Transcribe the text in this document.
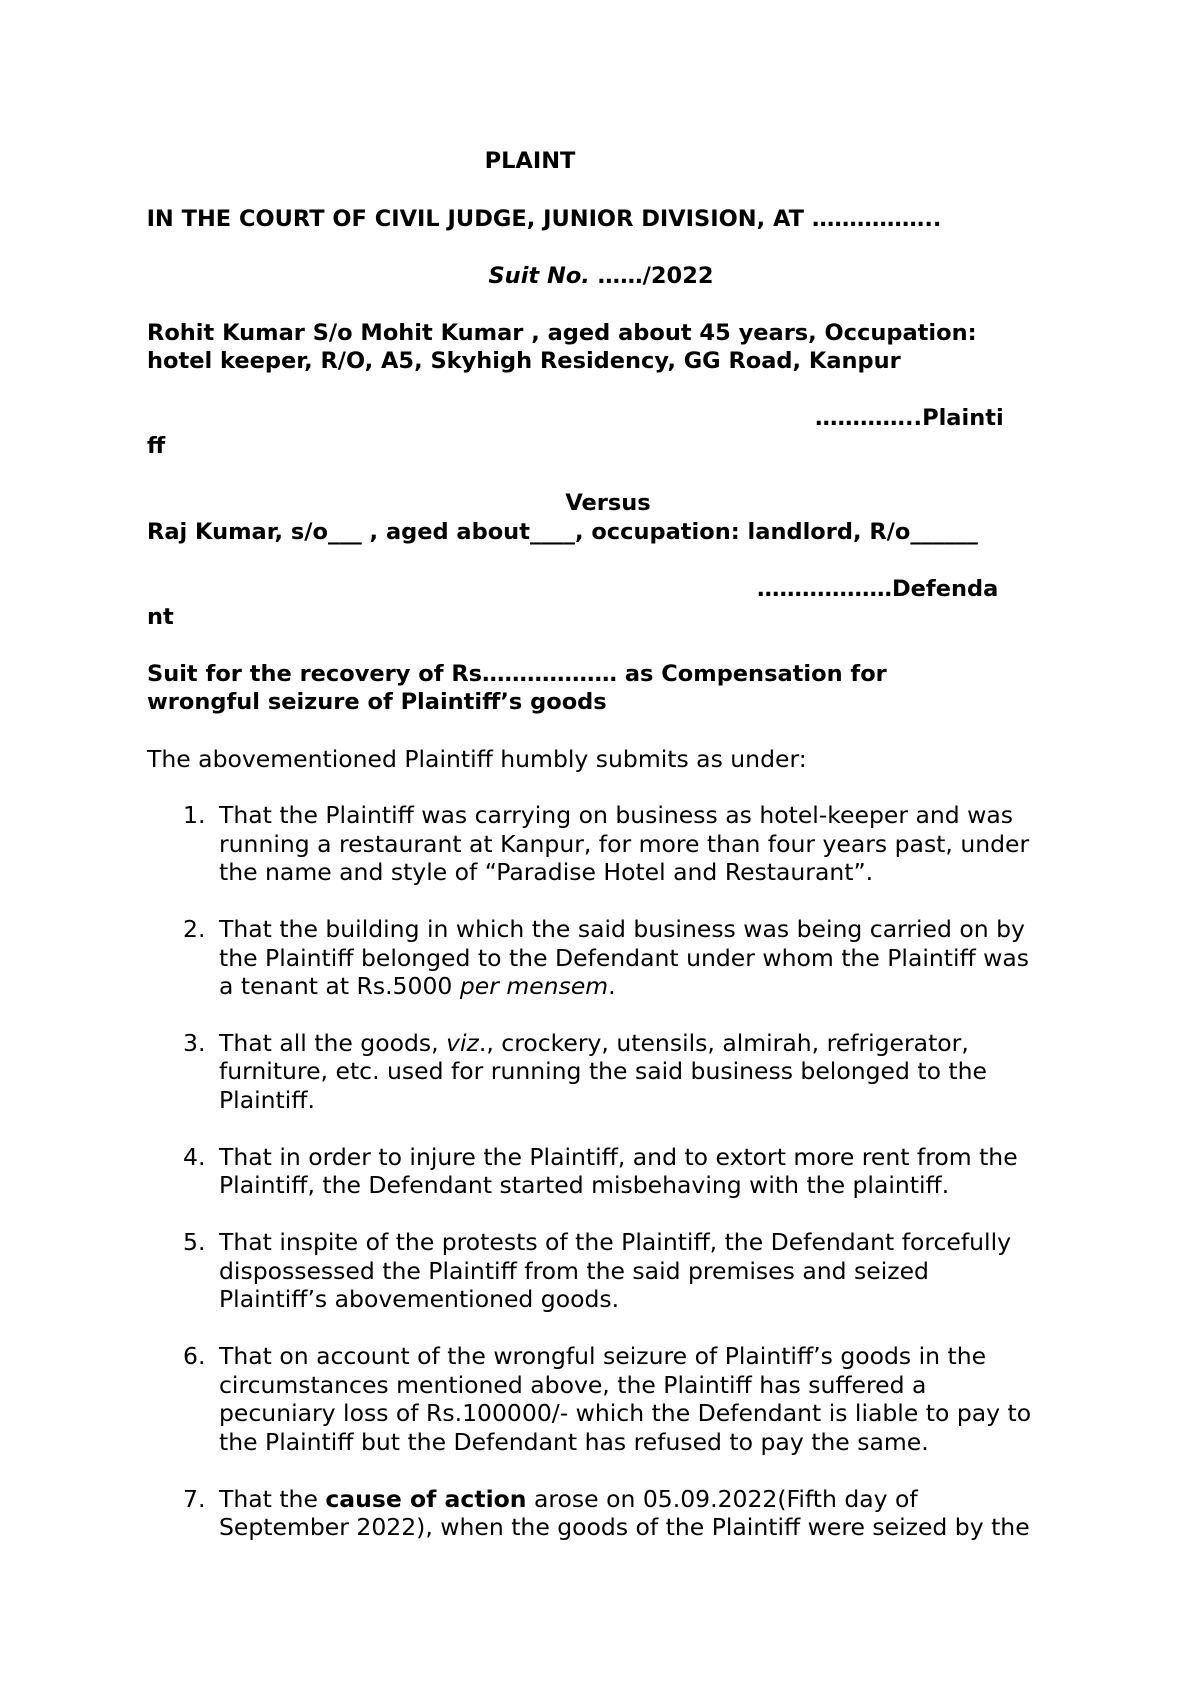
PLAINT
IN THE COURT OF CIVIL JUDGE, JUNIOR DIVISION, AT ……………..
Suit No. ……/2022
Rohit Kumar S/o Mohit Kumar , aged about 45 years, Occupation:
hotel keeper, R/O, A5, Skyhigh Residency, GG Road, Kanpur
…………..Plainti
ff
Versus
Raj Kumar, s/o___ , aged about____, occupation: landlord, R/o______
………………Defenda
nt
Suit for the recovery of Rs……………… as Compensation for
wrongful seizure of Plaintiff’s goods
The abovementioned Plaintiff humbly submits as under:
1. That the Plaintiff was carrying on business as hotel-keeper and was
running a restaurant at Kanpur, for more than four years past, under
the name and style of “Paradise Hotel and Restaurant”.
2. That the building in which the said business was being carried on by
the Plaintiff belonged to the Defendant under whom the Plaintiff was
a tenant at Rs.5000 per mensem.
3. That all the goods, viz., crockery, utensils, almirah, refrigerator,
furniture, etc. used for running the said business belonged to the
Plaintiff.
4. That in order to injure the Plaintiff, and to extort more rent from the
Plaintiff, the Defendant started misbehaving with the plaintiff.
5. That inspite of the protests of the Plaintiff, the Defendant forcefully
dispossessed the Plaintiff from the said premises and seized
Plaintiff’s abovementioned goods.
6. That on account of the wrongful seizure of Plaintiff’s goods in the
circumstances mentioned above, the Plaintiff has suffered a
pecuniary loss of Rs.100000/- which the Defendant is liable to pay to
the Plaintiff but the Defendant has refused to pay the same.
7. That the cause of action arose on 05.09.2022(Fifth day of
September 2022), when the goods of the Plaintiff were seized by the
